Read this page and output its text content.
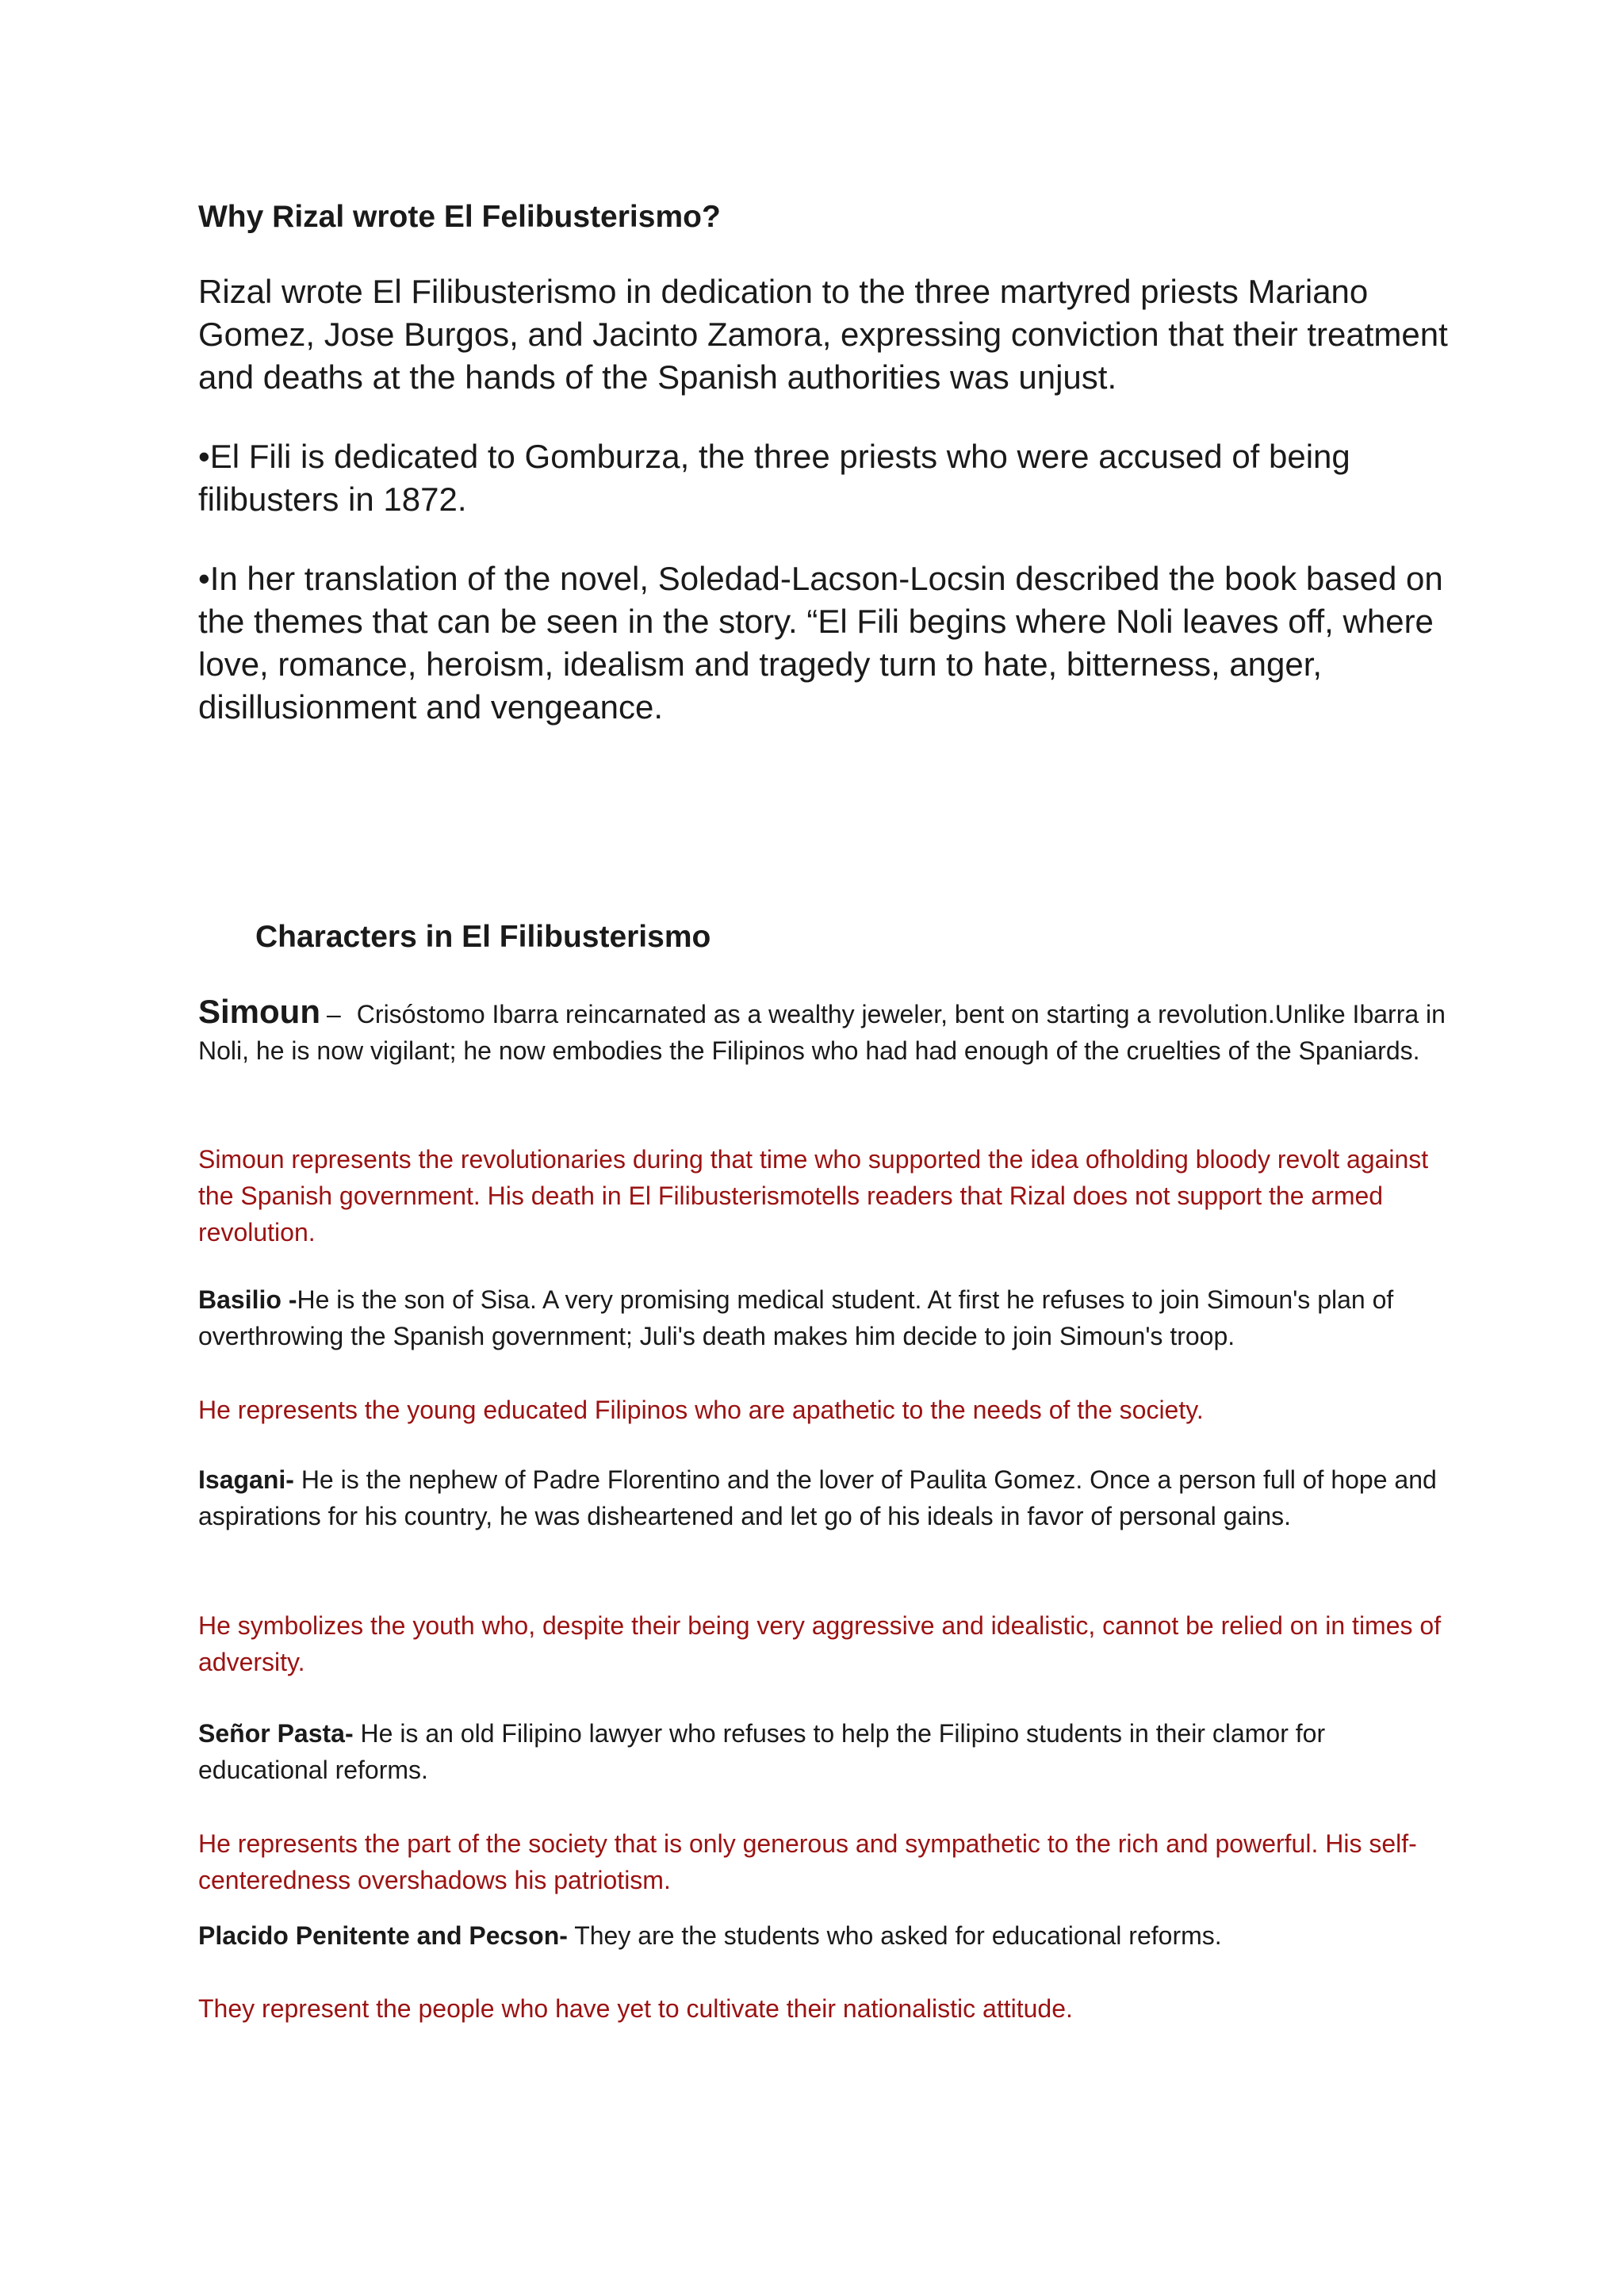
Why Rizal wrote El Felibusterismo?

Rizal wrote El Filibusterismo in dedication to the three martyred priests Mariano Gomez, Jose Burgos, and Jacinto Zamora, expressing conviction that their treatment and deaths at the hands of the Spanish authorities was unjust.

•El Fili is dedicated to Gomburza, the three priests who were accused of being filibusters in 1872.

•In her translation of the novel, Soledad-Lacson-Locsin described the book based on the themes that can be seen in the story. “El Fili begins where Noli leaves off, where love, romance, heroism, idealism and tragedy turn to hate, bitterness, anger, disillusionment and vengeance.

Characters in El Filibusterismo

Simoun – Crisóstomo Ibarra reincarnated as a wealthy jeweler, bent on starting a revolution.Unlike Ibarra in Noli, he is now vigilant; he now embodies the Filipinos who had had enough of the cruelties of the Spaniards.

Simoun represents the revolutionaries during that time who supported the idea ofholding bloody revolt against the Spanish government. His death in El Filibusterismotells readers that Rizal does not support the armed revolution.

Basilio -He is the son of Sisa. A very promising medical student. At first he refuses to join Simoun's plan of overthrowing the Spanish government; Juli's death makes him decide to join Simoun's troop.

He represents the young educated Filipinos who are apathetic to the needs of the society.

Isagani- He is the nephew of Padre Florentino and the lover of Paulita Gomez. Once a person full of hope and aspirations for his country, he was disheartened and let go of his ideals in favor of personal gains.

He symbolizes the youth who, despite their being very aggressive and idealistic, cannot be relied on in times of adversity.

Señor Pasta- He is an old Filipino lawyer who refuses to help the Filipino students in their clamor for educational reforms.

He represents the part of the society that is only generous and sympathetic to the rich and powerful. His self-centeredness overshadows his patriotism.

Placido Penitente and Pecson- They are the students who asked for educational reforms.

They represent the people who have yet to cultivate their nationalistic attitude.
